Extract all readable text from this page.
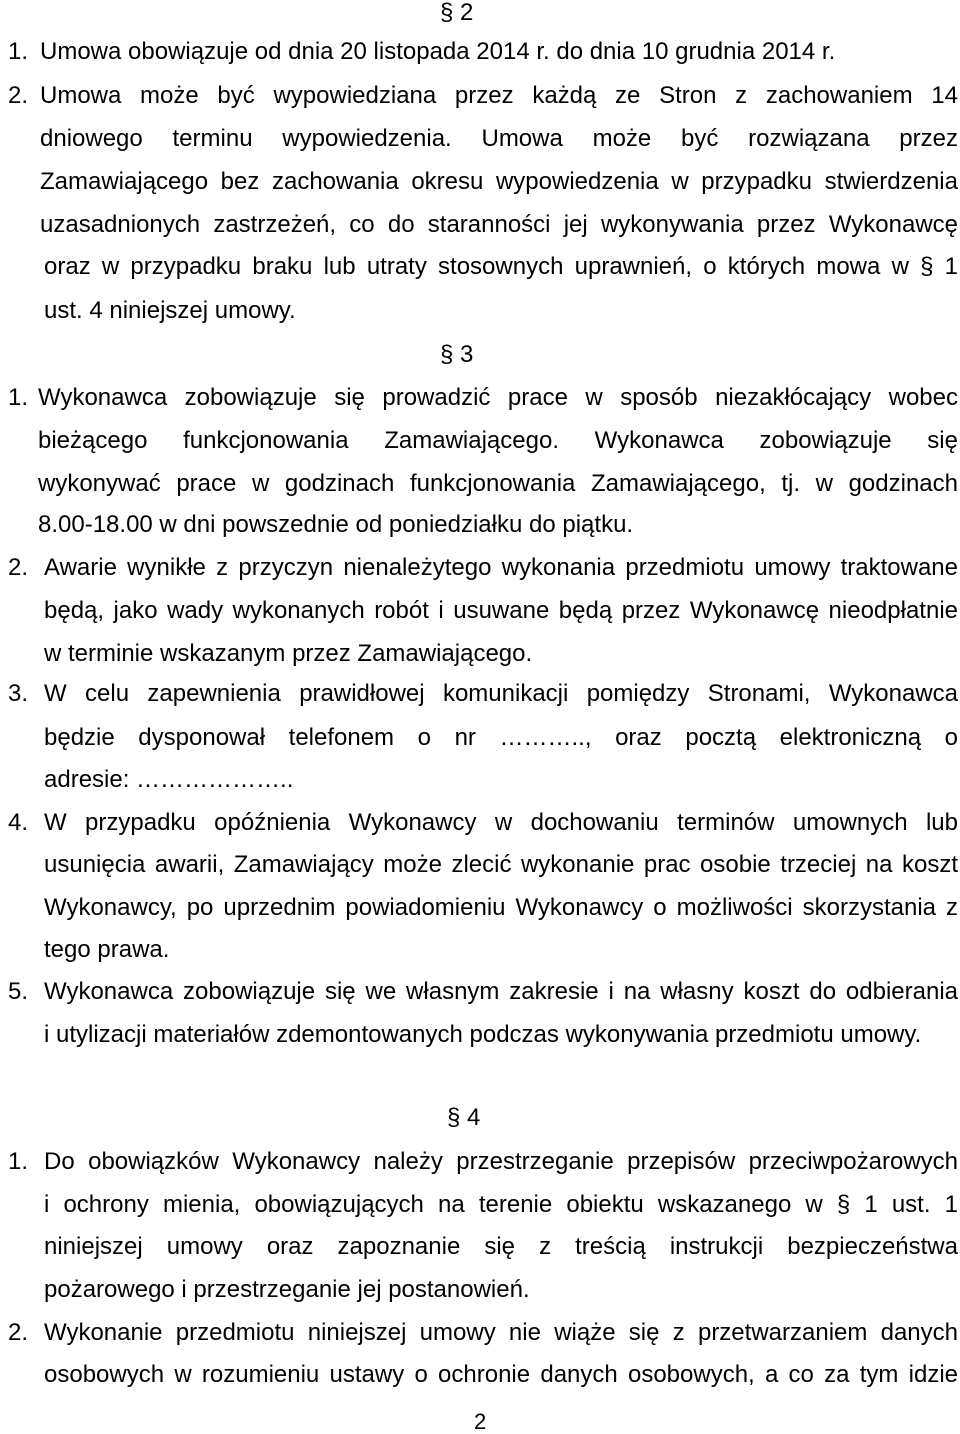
§ 2
1. Umowa obowiązuje od dnia 20 listopada 2014 r. do dnia 10 grudnia 2014 r.
2. Umowa może być wypowiedziana przez każdą ze Stron z zachowaniem 14
dniowego terminu wypowiedzenia. Umowa może być rozwiązana przez
Zamawiającego bez zachowania okresu wypowiedzenia w przypadku stwierdzenia
uzasadnionych zastrzeżeń, co do staranności jej wykonywania przez Wykonawcę
oraz w przypadku braku lub utraty stosownych uprawnień, o których mowa w § 1
ust. 4 niniejszej umowy.
§ 3
1. Wykonawca zobowiązuje się prowadzić prace w sposób niezakłócający wobec
bieżącego funkcjonowania Zamawiającego. Wykonawca zobowiązuje się
wykonywać prace w godzinach funkcjonowania Zamawiającego, tj. w godzinach
8.00-18.00 w dni powszednie od poniedziałku do piątku.
2. Awarie wynikłe z przyczyn nienależytego wykonania przedmiotu umowy traktowane
będą, jako wady wykonanych robót i usuwane będą przez Wykonawcę nieodpłatnie
w terminie wskazanym przez Zamawiającego.
3. W celu zapewnienia prawidłowej komunikacji pomiędzy Stronami, Wykonawca
będzie dysponował telefonem o nr ……….., oraz pocztą elektroniczną o
adresie: ………………..
4. W przypadku opóźnienia Wykonawcy w dochowaniu terminów umownych lub
usunięcia awarii, Zamawiający może zlecić wykonanie prac osobie trzeciej na koszt
Wykonawcy, po uprzednim powiadomieniu Wykonawcy o możliwości skorzystania z
tego prawa.
5. Wykonawca zobowiązuje się we własnym zakresie i na własny koszt do odbierania
i utylizacji materiałów zdemontowanych podczas wykonywania przedmiotu umowy.
§ 4
1. Do obowiązków Wykonawcy należy przestrzeganie przepisów przeciwpożarowych
i ochrony mienia, obowiązujących na terenie obiektu wskazanego w § 1 ust. 1
niniejszej umowy oraz zapoznanie się z treścią instrukcji bezpieczeństwa
pożarowego i przestrzeganie jej postanowień.
2. Wykonanie przedmiotu niniejszej umowy nie wiąże się z przetwarzaniem danych
osobowych w rozumieniu ustawy o ochronie danych osobowych, a co za tym idzie
2
